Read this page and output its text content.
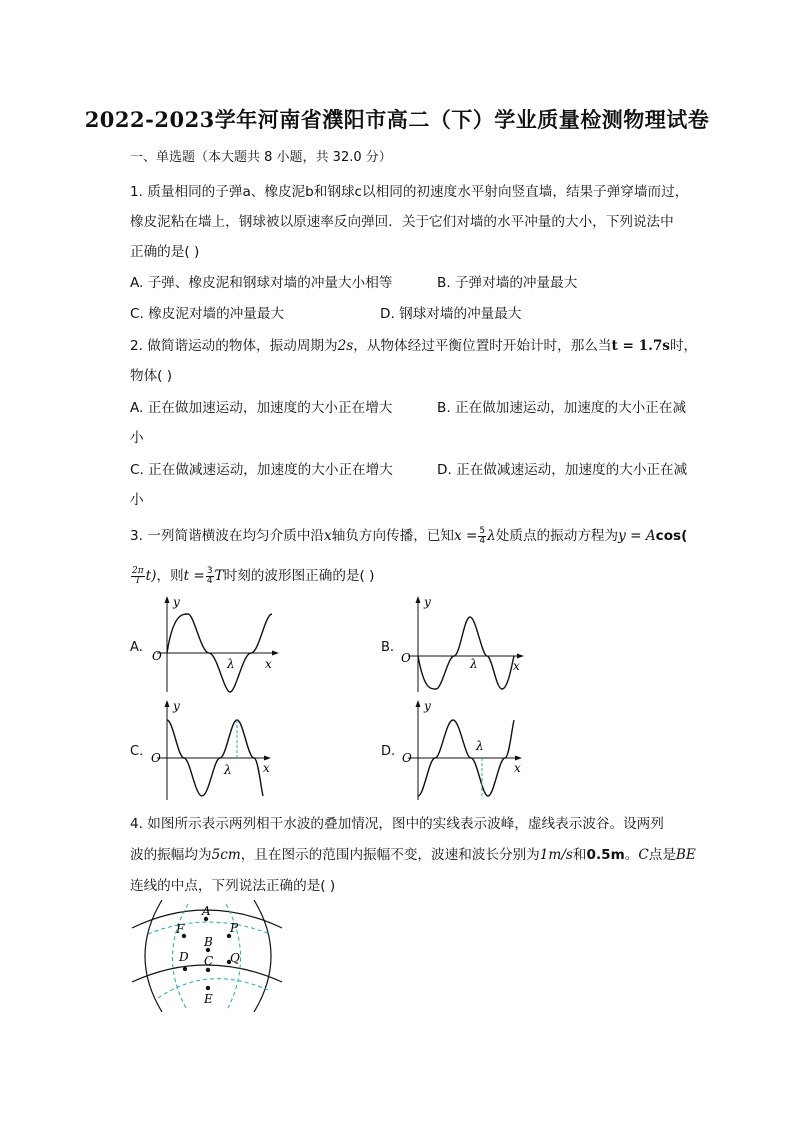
2022-2023学年河南省濮阳市高二（下）学业质量检测物理试卷
一、单选题（本大题共 8 小题，共 32.0 分）
1. 质量相同的子弹a、橡皮泥b和钢球c以相同的初速度水平射向竖直墙，结果子弹穿墙而过，
橡皮泥粘在墙上，钢球被以原速率反向弹回．关于它们对墙的水平冲量的大小，下列说法中
正确的是( )
A. 子弹、橡皮泥和钢球对墙的冲量大小相等	B. 子弹对墙的冲量最大
C. 橡皮泥对墙的冲量最大	D. 钢球对墙的冲量最大
2. 做简谐运动的物体，振动周期为2s，从物体经过平衡位置时开始计时，那么当t = 1.7s时，
物体( )
A. 正在做加速运动，加速度的大小正在增大	B. 正在做加速运动，加速度的大小正在减
小
C. 正在做减速运动，加速度的大小正在增大	D. 正在做减速运动，加速度的大小正在减
小
3. 一列简谐横波在均匀介质中沿x轴负方向传播，已知$x = \frac{5}{4}$ λ处质点的振动方程为y = Acos(
$\frac{2\pi}{T} t$)，则$t = \frac{3}{4}$ T时刻的波形图正确的是( )
A.	B.
C.	D.
y
O
λ	x
y
O	λ	x
y
O
λ	x
y
O
λ
x
4. 如图所示表示两列相干水波的叠加情况，图中的实线表示波峰，虚线表示波谷。设两列
波的振幅均为5cm，且在图示的范围内振幅不变，波速和波长分别为1m/s和0.5m。C点是BE
连线的中点，下列说法正确的是( )
A
F	P
B
C
D	Q
E
